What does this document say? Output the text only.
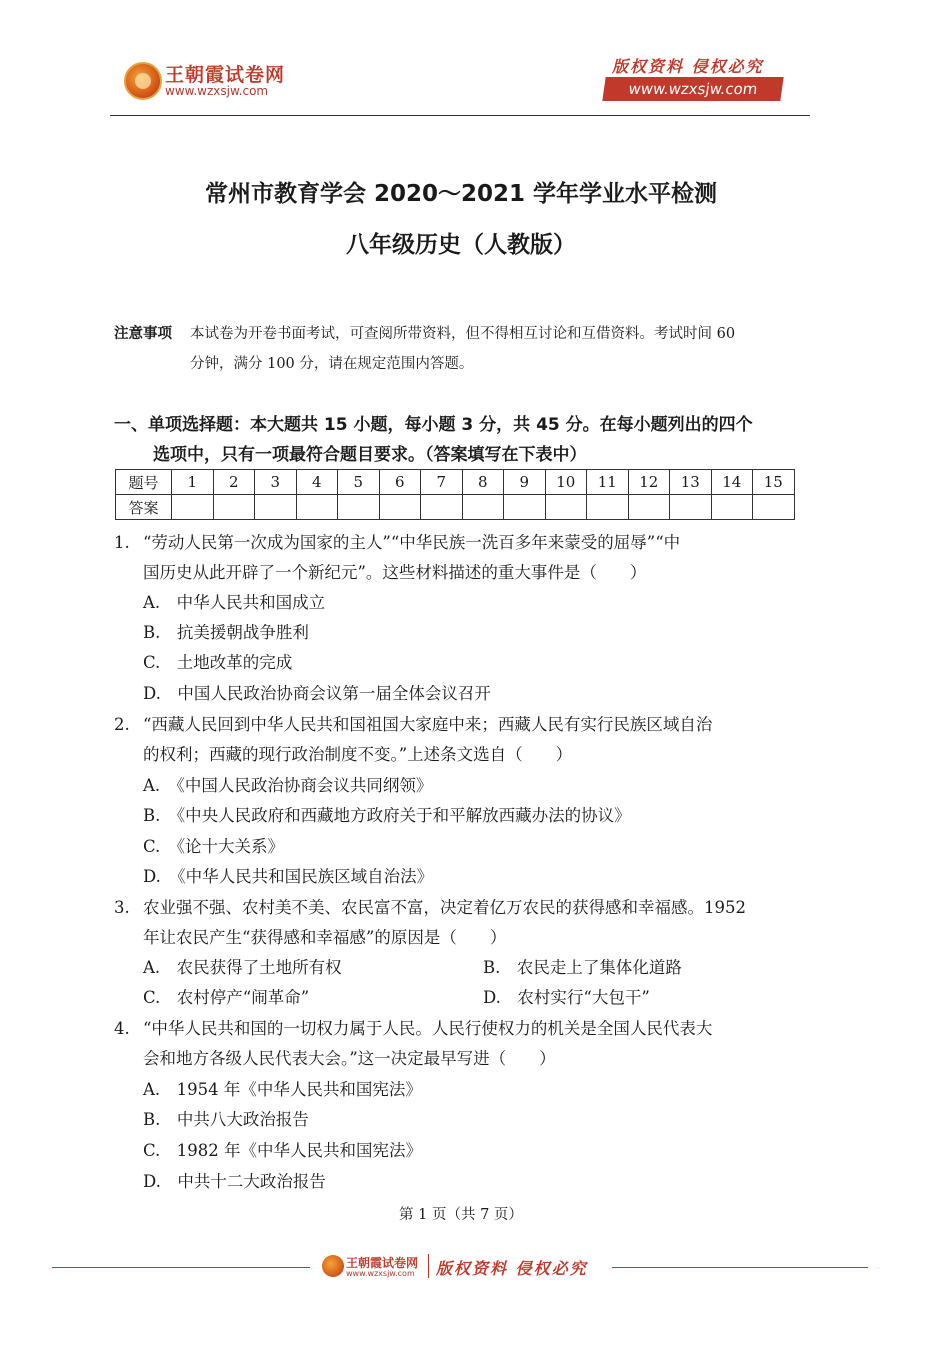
王朝霞试卷网
www.wzxsjw.com
版权资料 侵权必究
www.wzxsjw.com
常州市教育学会 2020～2021 学年学业水平检测
八年级历史（人教版）
注意事项 本试卷为开卷书面考试，可查阅所带资料，但不得相互讨论和互借资料。考试时间 60
分钟，满分 100 分，请在规定范围内答题。
一、单项选择题：本大题共 15 小题，每小题 3 分，共 45 分。在每小题列出的四个
选项中，只有一项最符合题目要求。（答案填写在下表中）
题号	1	2	3	4	5	6	7	8	9	10	11	12	13	14	15
答案															
1. “劳动人民第一次成为国家的主人”“中华民族一洗百多年来蒙受的屈辱”“中
国历史从此开辟了一个新纪元”。这些材料描述的重大事件是（　　）
A.　中华人民共和国成立
B.　抗美援朝战争胜利
C.　土地改革的完成
D.　中国人民政治协商会议第一届全体会议召开
2. “西藏人民回到中华人民共和国祖国大家庭中来；西藏人民有实行民族区域自治
的权利；西藏的现行政治制度不变。”上述条文选自（　　）
A.　《中国人民政治协商会议共同纲领》
B.　《中央人民政府和西藏地方政府关于和平解放西藏办法的协议》
C.　《论十大关系》
D.　《中华人民共和国民族区域自治法》
3. 农业强不强、农村美不美、农民富不富，决定着亿万农民的获得感和幸福感。1952
年让农民产生“获得感和幸福感”的原因是（　　）
A.　农民获得了土地所有权	B.　农民走上了集体化道路
C.　农村停产“闹革命”	D.　农村实行“大包干”
4. “中华人民共和国的一切权力属于人民。人民行使权力的机关是全国人民代表大
会和地方各级人民代表大会。”这一决定最早写进（　　）
A.　1954 年《中华人民共和国宪法》
B.　中共八大政治报告
C.　1982 年《中华人民共和国宪法》
D.　中共十二大政治报告
第 1 页（共 7 页）
王朝霞试卷网
www.wzxsjw.com 版权资料 侵权必究
